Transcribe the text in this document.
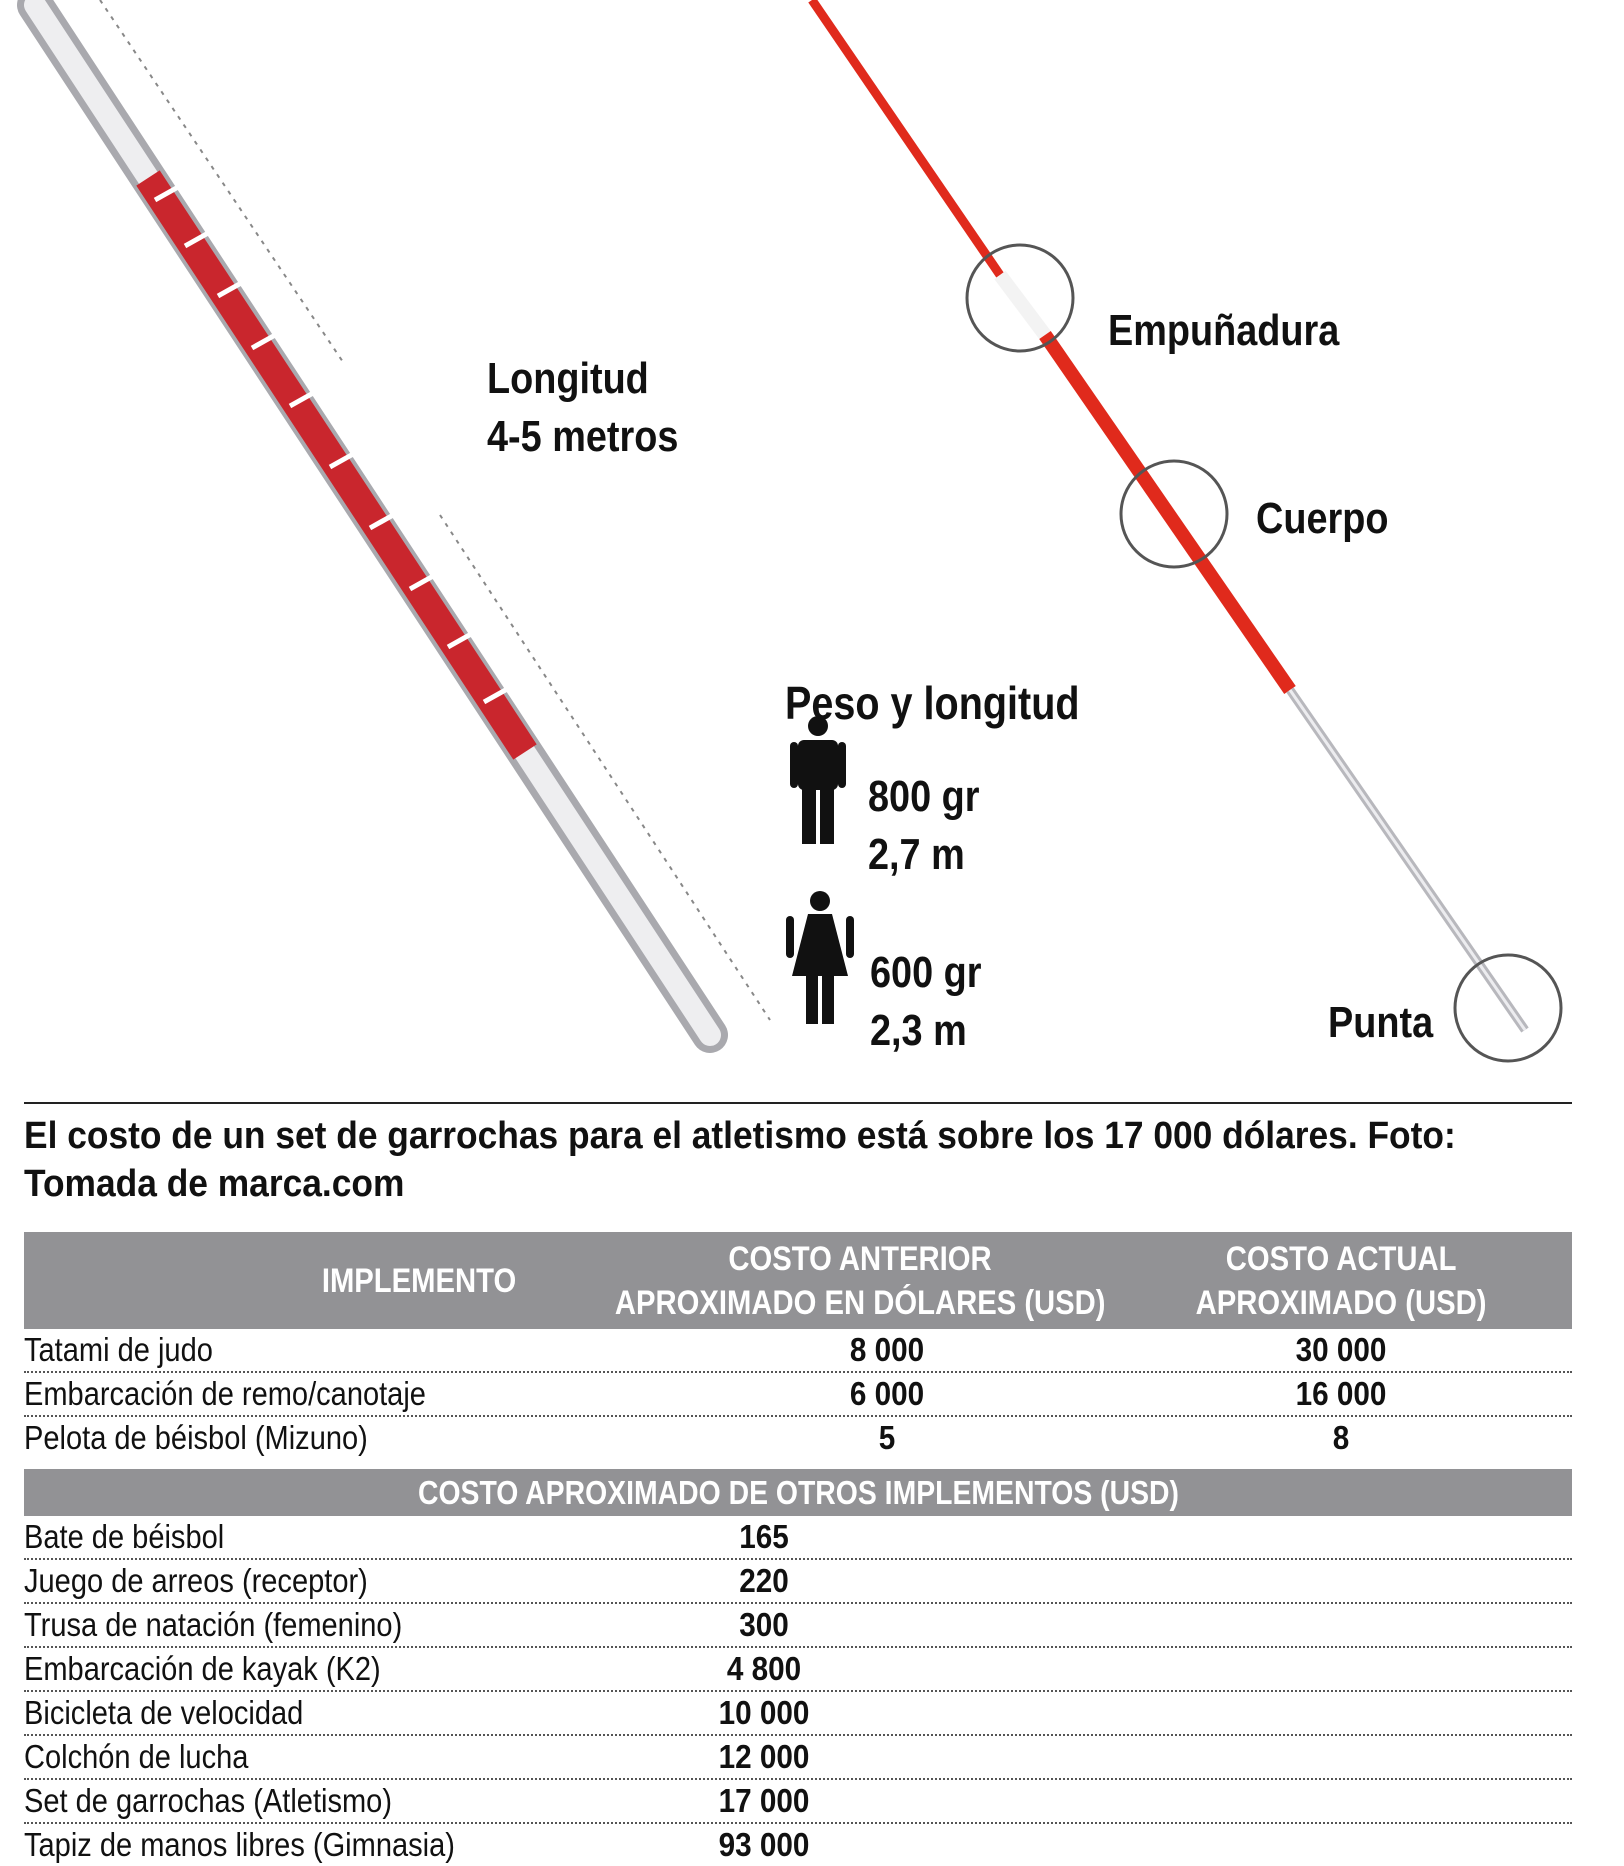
Longitud
4-5 metros
Empuñadura
Cuerpo
Punta
Peso y longitud
800 gr
2,7 m
600 gr
2,3 m
El costo de un set de garrochas para el atletismo está sobre los 17 000 dólares. Foto: Tomada de marca.com
IMPLEMENTO
COSTO ANTERIOR
APROXIMADO EN DÓLARES (USD)
COSTO ACTUAL
APROXIMADO (USD)
Tatami de judo	8 000	30 000
Embarcación de remo/canotaje	6 000	16 000
Pelota de béisbol (Mizuno)	5	8
COSTO APROXIMADO DE OTROS IMPLEMENTOS (USD)
Bate de béisbol	165
Juego de arreos (receptor)	220
Trusa de natación (femenino)	300
Embarcación de kayak (K2)	4 800
Bicicleta de velocidad	10 000
Colchón de lucha	12 000
Set de garrochas (Atletismo)	17 000
Tapiz de manos libres (Gimnasia)	93 000
